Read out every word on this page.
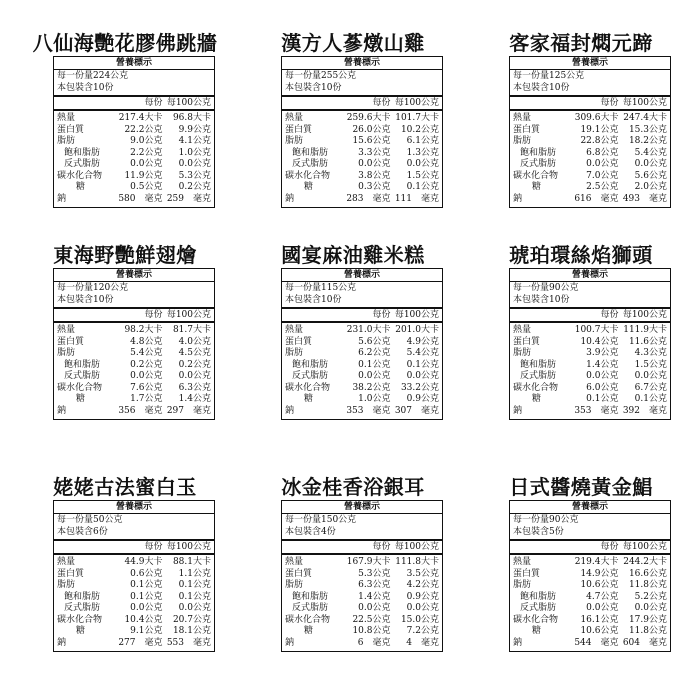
八仙海艷花膠佛跳牆
營養標示
每一份量224公克
本包裝含10份
每份 每100公克
熱量	217.4大卡	96.8大卡
蛋白質	22.2公克	9.9公克
脂肪	9.0公克	4.1公克
飽和脂肪	2.2公克	1.0公克
反式脂肪	0.0公克	0.0公克
碳水化合物	11.9公克	5.3公克
糖	0.5公克	0.2公克
鈉	580　毫克 259　毫克
漢方人蔘燉山雞
營養標示
每一份量255公克
本包裝含10份
每份 每100公克
熱量	259.6大卡 101.7大卡
蛋白質	26.0公克	10.2公克
脂肪	15.6公克	6.1公克
飽和脂肪	3.3公克	1.3公克
反式脂肪	0.0公克	0.0公克
碳水化合物	3.8公克	1.5公克
糖	0.3公克	0.1公克
鈉	283　毫克 111　毫克
客家福封燜元蹄
營養標示
每一份量125公克
本包裝含10份
每份 每100公克
熱量	309.6大卡 247.4大卡
蛋白質	19.1公克	15.3公克
脂肪	22.8公克	18.2公克
飽和脂肪	6.8公克	5.4公克
反式脂肪	0.0公克	0.0公克
碳水化合物	7.0公克	5.6公克
糖	2.5公克	2.0公克
鈉	616　毫克 493　毫克
東海野艷鮮翅燴
營養標示
每一份量120公克
本包裝含10份
每份 每100公克
熱量	98.2大卡	81.7大卡
蛋白質	4.8公克	4.0公克
脂肪	5.4公克	4.5公克
飽和脂肪	0.2公克	0.2公克
反式脂肪	0.0公克	0.0公克
碳水化合物	7.6公克	6.3公克
糖	1.7公克	1.4公克
鈉	356　毫克 297　毫克
國宴麻油雞米糕
營養標示
每一份量115公克
本包裝含10份
每份 每100公克
熱量	231.0大卡 201.0大卡
蛋白質	5.6公克	4.9公克
脂肪	6.2公克	5.4公克
飽和脂肪	0.1公克	0.1公克
反式脂肪	0.0公克	0.0公克
碳水化合物	38.2公克	33.2公克
糖	1.0公克	0.9公克
鈉	353　毫克 307　毫克
琥珀環絲焰獅頭
營養標示
每一份量90公克
本包裝含10份
每份 每100公克
熱量	100.7大卡 111.9大卡
蛋白質	10.4公克	11.6公克
脂肪	3.9公克	4.3公克
飽和脂肪	1.4公克	1.5公克
反式脂肪	0.0公克	0.0公克
碳水化合物	6.0公克	6.7公克
糖	0.1公克	0.1公克
鈉	353　毫克 392　毫克
姥姥古法蜜白玉
營養標示
每一份量50公克
本包裝含6份
每份 每100公克
熱量	44.9大卡	88.1大卡
蛋白質	0.6公克	1.1公克
脂肪	0.1公克	0.1公克
飽和脂肪	0.1公克	0.1公克
反式脂肪	0.0公克	0.0公克
碳水化合物	10.4公克	20.7公克
糖	9.1公克	18.1公克
鈉	277　毫克 553　毫克
冰金桂香浴銀耳
營養標示
每一份量150公克
本包裝含4份
每份 每100公克
熱量	167.9大卡 111.8大卡
蛋白質	5.3公克	3.5公克
脂肪	6.3公克	4.2公克
飽和脂肪	1.4公克	0.9公克
反式脂肪	0.0公克	0.0公克
碳水化合物	22.5公克	15.0公克
糖	10.8公克	7.2公克
鈉	6　毫克	4　毫克
日式醬燒黃金鯧
營養標示
每一份量90公克
本包裝含5份
每份 每100公克
熱量	219.4大卡 244.2大卡
蛋白質	14.9公克	16.6公克
脂肪	10.6公克	11.8公克
飽和脂肪	4.7公克	5.2公克
反式脂肪	0.0公克	0.0公克
碳水化合物	16.1公克	17.9公克
糖	10.6公克	11.8公克
鈉	544　毫克 604　毫克
